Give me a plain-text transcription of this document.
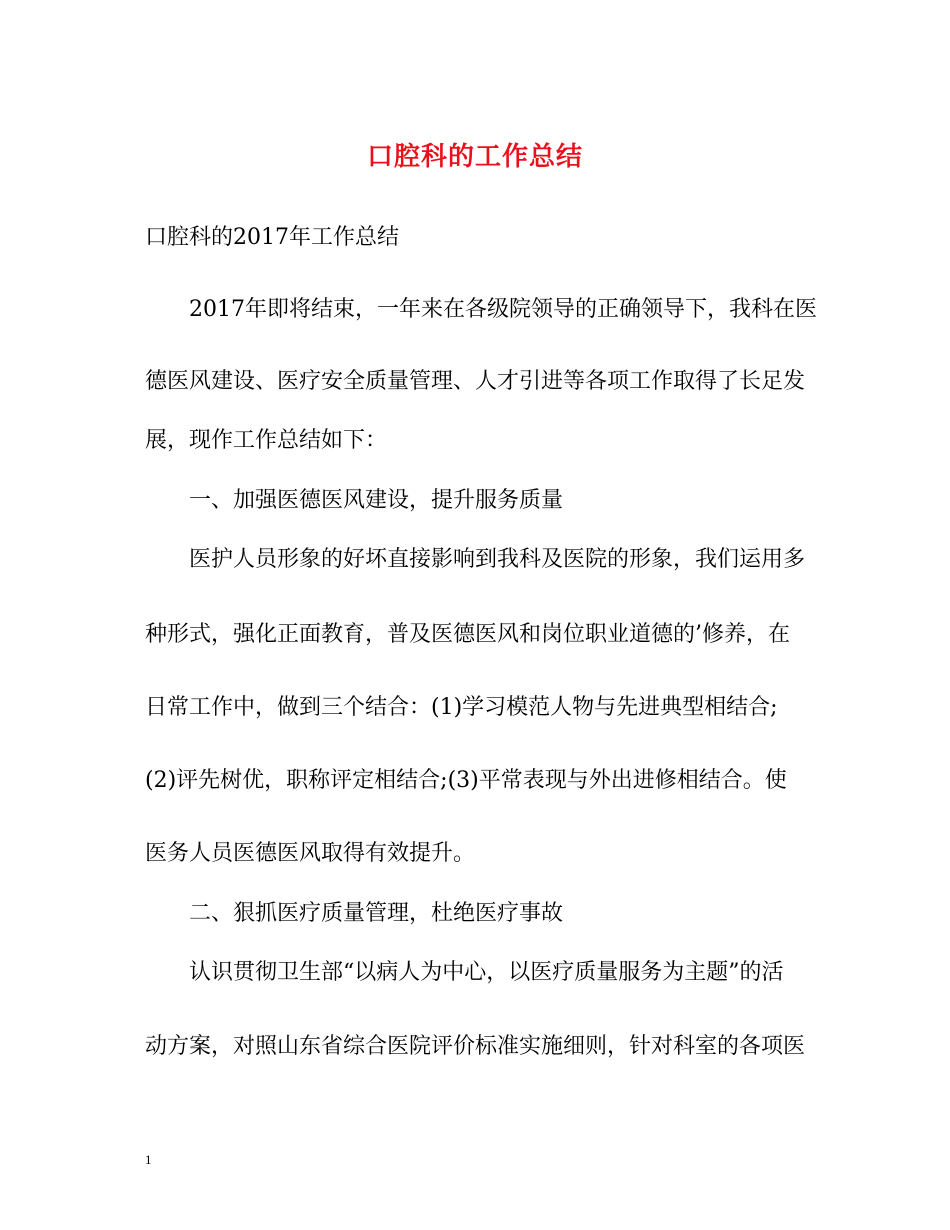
口腔科的工作总结

口腔科的2017年工作总结

2017年即将结束，一年来在各级院领导的正确领导下，我科在医

德医风建设、医疗安全质量管理、人才引进等各项工作取得了长足发

展，现作工作总结如下：

一、加强医德医风建设，提升服务质量

医护人员形象的好坏直接影响到我科及医院的形象，我们运用多

种形式，强化正面教育，普及医德医风和岗位职业道德的’修养，在

日常工作中，做到三个结合：(1)学习模范人物与先进典型相结合;

(2)评先树优，职称评定相结合;(3)平常表现与外出进修相结合。使

医务人员医德医风取得有效提升。

二、狠抓医疗质量管理，杜绝医疗事故

认识贯彻卫生部“以病人为中心，以医疗质量服务为主题”的活

动方案，对照山东省综合医院评价标准实施细则，针对科室的各项医

1
